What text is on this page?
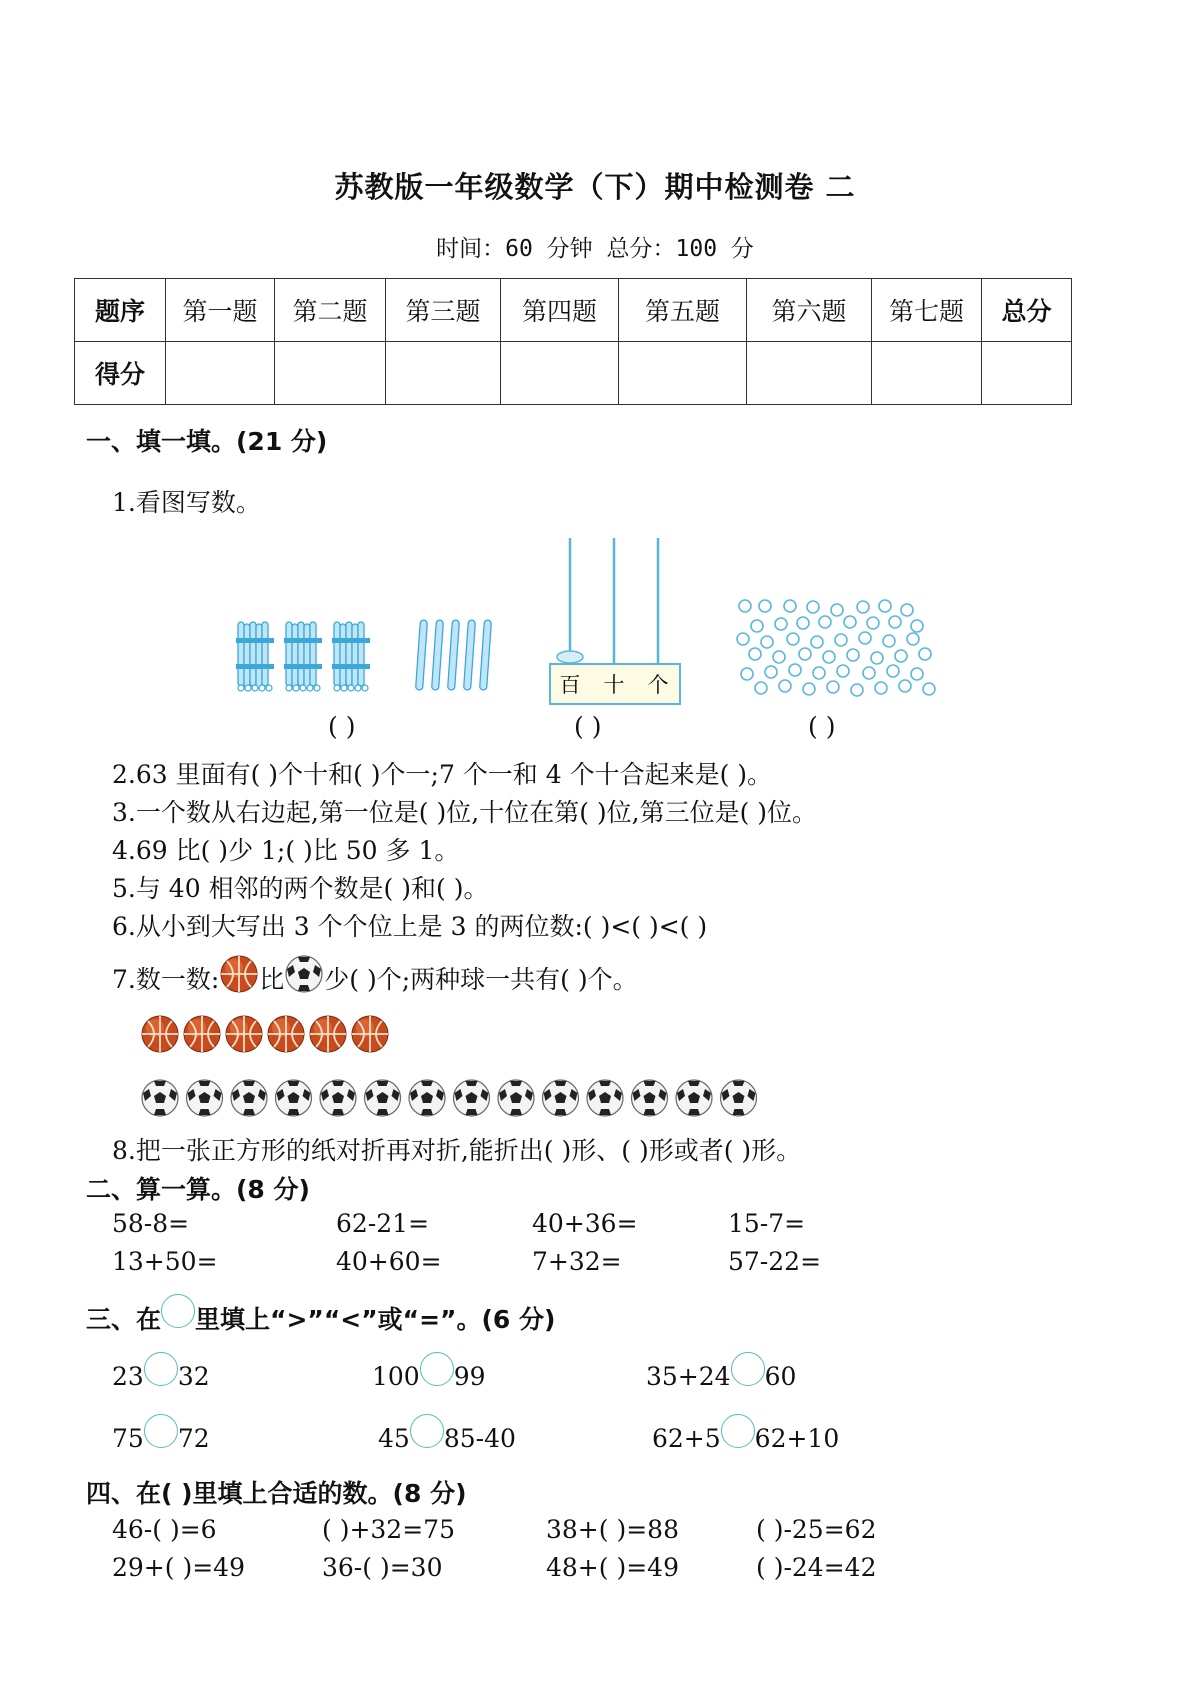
苏教版一年级数学（下）期中检测卷 二
时间：60 分钟 总分：100 分
题序	第一题	第二题	第三题	第四题	第五题	第六题	第七题	总分
得分								
一、填一填。(21 分)
1.看图写数。
百 十 个
( )	( )	( )
2.63 里面有( )个十和( )个一;7 个一和 4 个十合起来是( )。
3.一个数从右边起,第一位是( )位,十位在第( )位,第三位是( )位。
4.69 比( )少 1;( )比 50 多 1。
5.与 40 相邻的两个数是( )和( )。
6.从小到大写出 3 个个位上是 3 的两位数:( )<( )<( )
7.数一数: 比 少( )个;两种球一共有( )个。
8.把一张正方形的纸对折再对折,能折出( )形、( )形或者( )形。
二、算一算。(8 分)
58-8=	62-21=	40+36=	15-7=
13+50=	40+60=	7+32=	57-22=
三、在 里填上“>”“<”或“=”。(6 分)
23 32	100 99	35+24 60
75 72	45 85-40	62+5 62+10
四、在( )里填上合适的数。(8 分)
46-( )=6	( )+32=75	38+( )=88	( )-25=62
29+( )=49	36-( )=30	48+( )=49	( )-24=42
